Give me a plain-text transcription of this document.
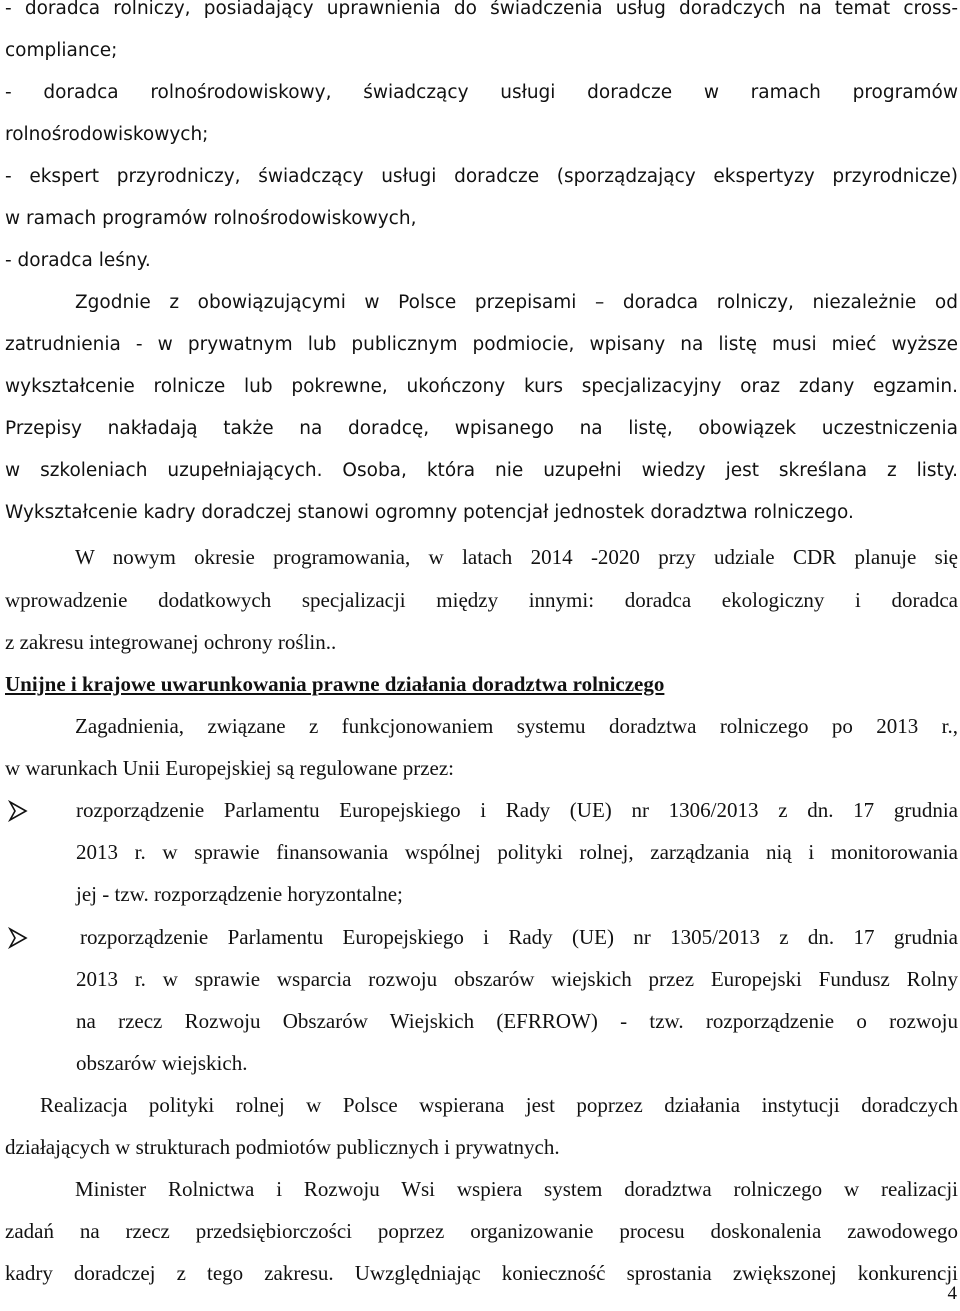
- doradca rolniczy, posiadający uprawnienia do świadczenia usług doradczych na temat cross-
compliance;
- doradca rolnośrodowiskowy, świadczący usługi doradcze w ramach programów
rolnośrodowiskowych;
- ekspert przyrodniczy, świadczący usługi doradcze (sporządzający ekspertyzy przyrodnicze)
w ramach programów rolnośrodowiskowych,
- doradca leśny.
Zgodnie z obowiązującymi w Polsce przepisami – doradca rolniczy, niezależnie od
zatrudnienia - w prywatnym lub publicznym podmiocie, wpisany na listę musi mieć wyższe
wykształcenie rolnicze lub pokrewne, ukończony kurs specjalizacyjny oraz zdany egzamin.
Przepisy nakładają także na doradcę, wpisanego na listę, obowiązek uczestniczenia
w szkoleniach uzupełniających. Osoba, która nie uzupełni wiedzy jest skreślana z listy.
Wykształcenie kadry doradczej stanowi ogromny potencjał jednostek doradztwa rolniczego.
W nowym okresie programowania, w latach 2014 -2020 przy udziale CDR planuje się
wprowadzenie dodatkowych specjalizacji między innymi: doradca ekologiczny i doradca
z zakresu integrowanej ochrony roślin..
Unijne i krajowe uwarunkowania prawne działania doradztwa rolniczego
Zagadnienia, związane z funkcjonowaniem systemu doradztwa rolniczego po 2013 r.,
w warunkach Unii Europejskiej są regulowane przez:
rozporządzenie Parlamentu Europejskiego i Rady (UE) nr 1306/2013 z dn. 17 grudnia
2013 r. w sprawie finansowania wspólnej polityki rolnej, zarządzania nią i monitorowania
jej - tzw. rozporządzenie horyzontalne;
rozporządzenie Parlamentu Europejskiego i Rady (UE) nr 1305/2013 z dn. 17 grudnia
2013 r. w sprawie wsparcia rozwoju obszarów wiejskich przez Europejski Fundusz Rolny
na rzecz Rozwoju Obszarów Wiejskich (EFRROW) - tzw. rozporządzenie o rozwoju
obszarów wiejskich.
Realizacja polityki rolnej w Polsce wspierana jest poprzez działania instytucji doradczych
działających w strukturach podmiotów publicznych i prywatnych.
Minister Rolnictwa i Rozwoju Wsi wspiera system doradztwa rolniczego w realizacji
zadań na rzecz przedsiębiorczości poprzez organizowanie procesu doskonalenia zawodowego
kadry doradczej z tego zakresu. Uwzględniając konieczność sprostania zwiększonej konkurencji
4
